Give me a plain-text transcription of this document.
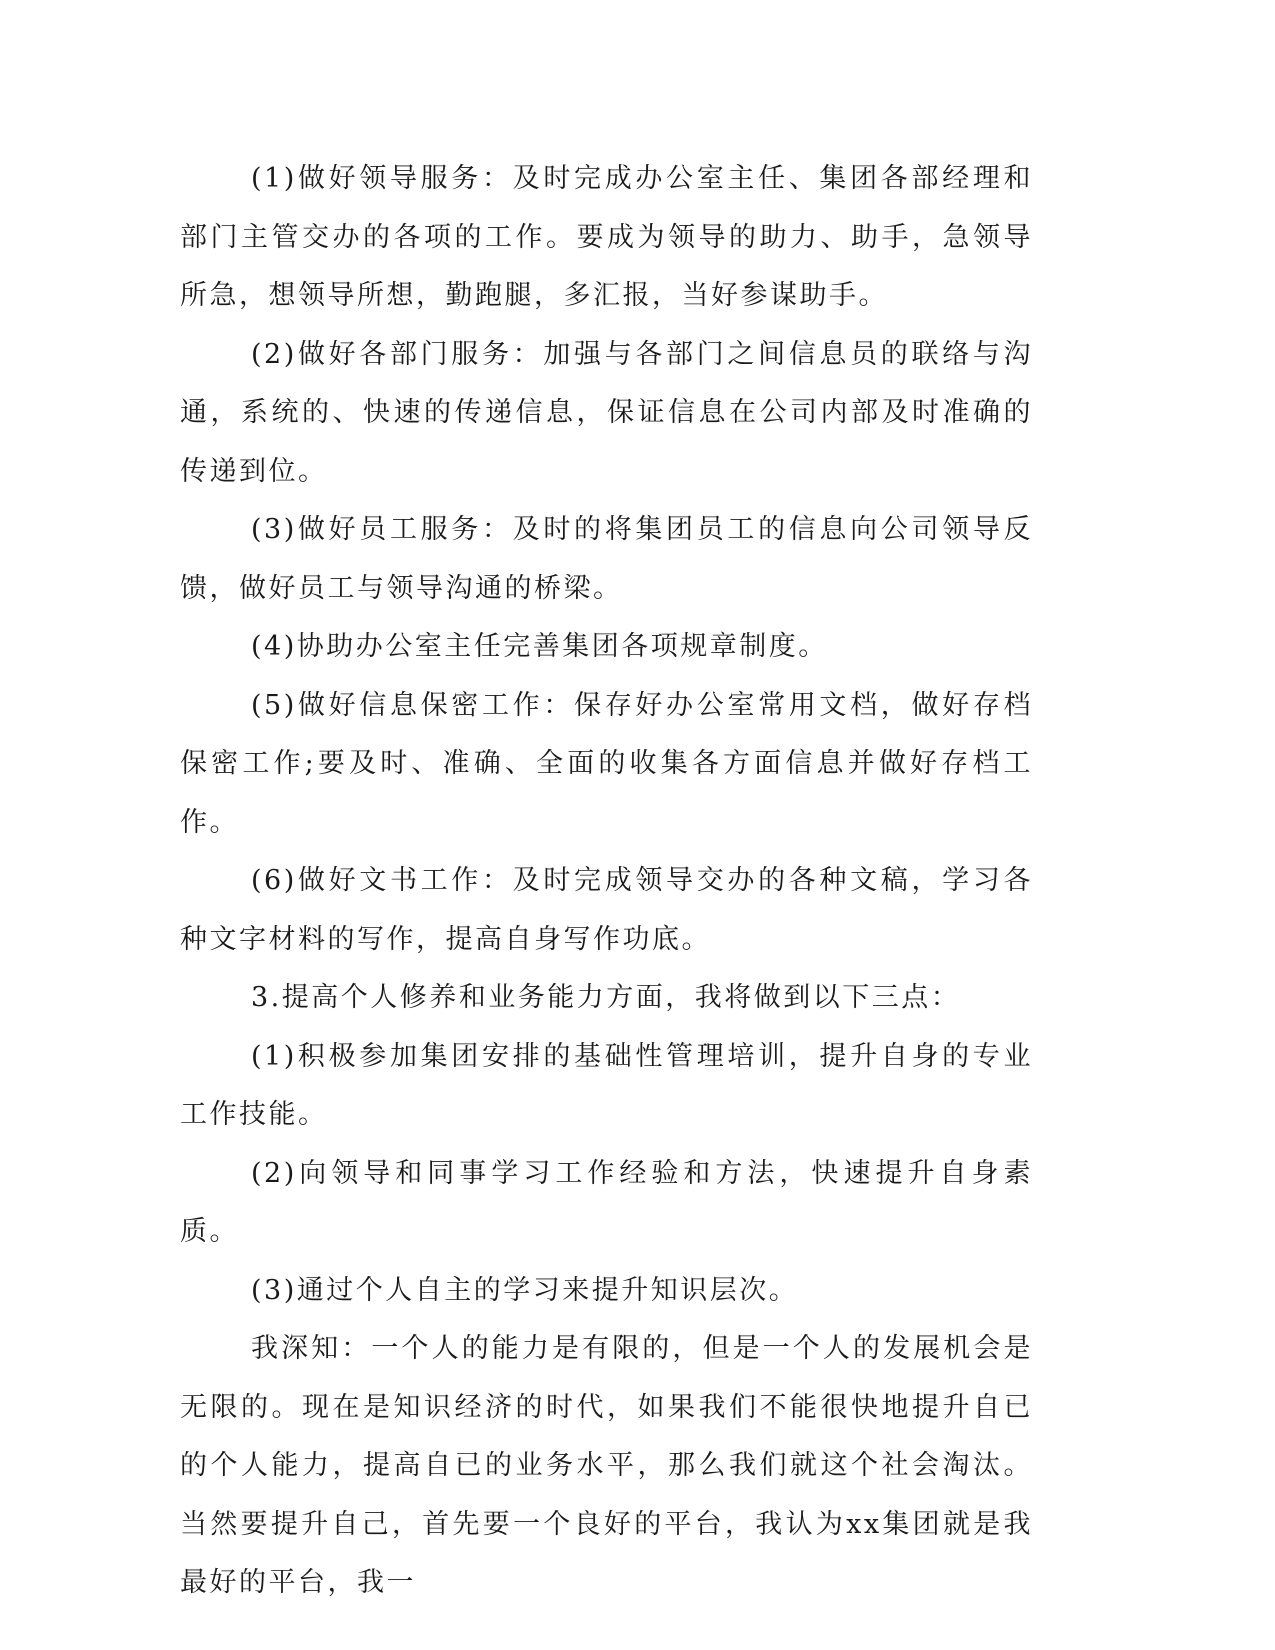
(1)做好领导服务：及时完成办公室主任、集团各部经理和部门主管交办的各项的工作。要成为领导的助力、助手，急领导所急，想领导所想，勤跑腿，多汇报，当好参谋助手。

(2)做好各部门服务：加强与各部门之间信息员的联络与沟通，系统的、快速的传递信息，保证信息在公司内部及时准确的传递到位。

(3)做好员工服务：及时的将集团员工的信息向公司领导反馈，做好员工与领导沟通的桥梁。

(4)协助办公室主任完善集团各项规章制度。

(5)做好信息保密工作：保存好办公室常用文档，做好存档保密工作;要及时、准确、全面的收集各方面信息并做好存档工作。

(6)做好文书工作：及时完成领导交办的各种文稿，学习各种文字材料的写作，提高自身写作功底。

3.提高个人修养和业务能力方面，我将做到以下三点：

(1)积极参加集团安排的基础性管理培训，提升自身的专业工作技能。

(2)向领导和同事学习工作经验和方法，快速提升自身素质。

(3)通过个人自主的学习来提升知识层次。

我深知：一个人的能力是有限的，但是一个人的发展机会是无限的。现在是知识经济的时代，如果我们不能很快地提升自已的个人能力，提高自已的业务水平，那么我们就这个社会淘汰。当然要提升自己，首先要一个良好的平台，我认为xx集团就是我最好的平台，我一
